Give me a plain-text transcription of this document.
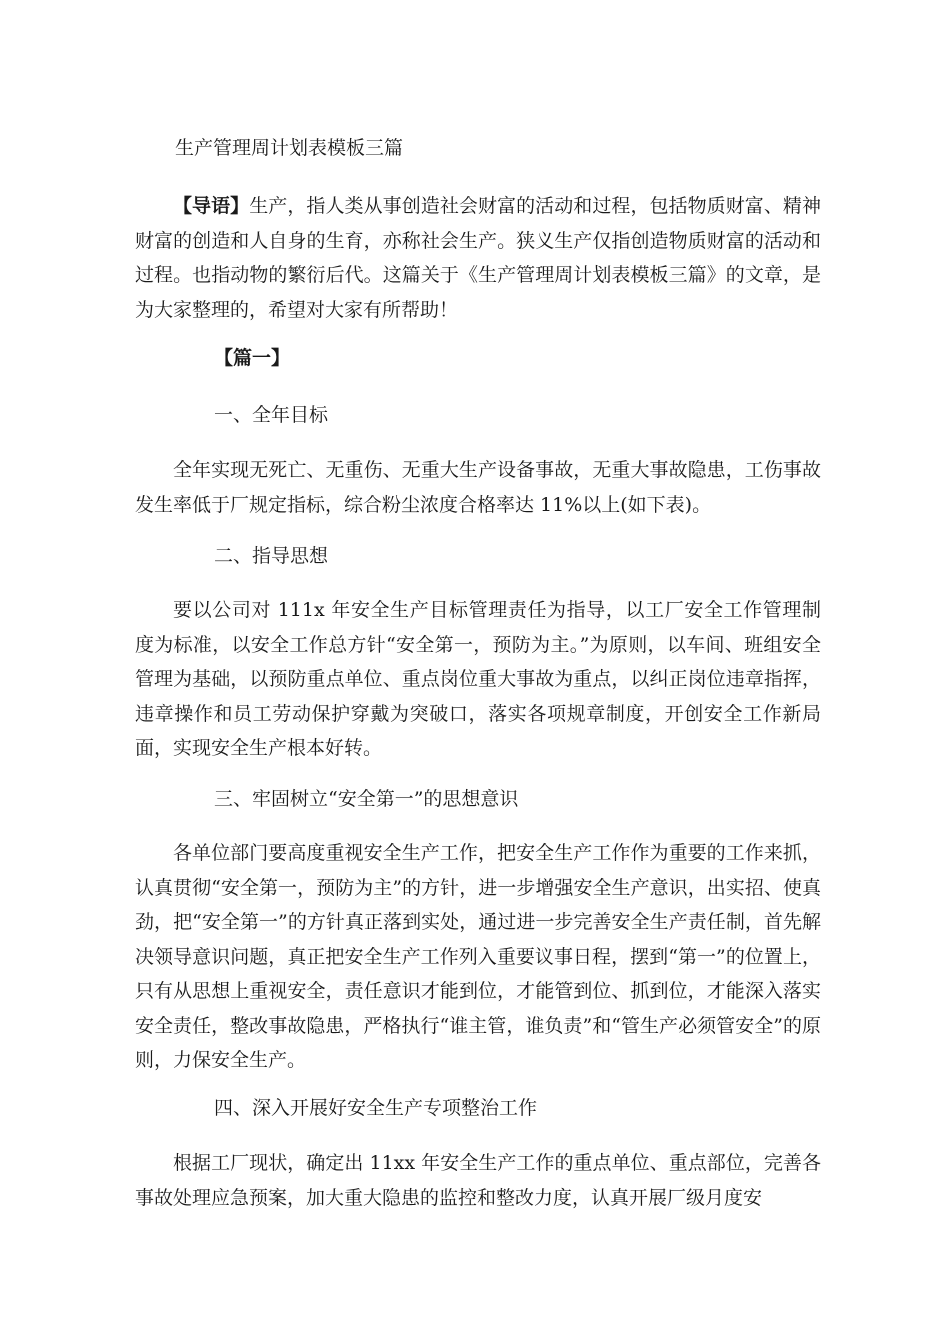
生产管理周计划表模板三篇

【导语】生产，指人类从事创造社会财富的活动和过程，包括物质财富、精神财富的创造和人自身的生育，亦称社会生产。狭义生产仅指创造物质财富的活动和过程。也指动物的繁衍后代。这篇关于《生产管理周计划表模板三篇》的文章，是为大家整理的，希望对大家有所帮助！

【篇一】
一、全年目标

全年实现无死亡、无重伤、无重大生产设备事故，无重大事故隐患，工伤事故发生率低于厂规定指标，综合粉尘浓度合格率达 11%以上(如下表)。

二、指导思想

要以公司对 111x 年安全生产目标管理责任为指导，以工厂安全工作管理制度为标准，以安全工作总方针“安全第一，预防为主。”为原则，以车间、班组安全管理为基础，以预防重点单位、重点岗位重大事故为重点，以纠正岗位违章指挥，违章操作和员工劳动保护穿戴为突破口，落实各项规章制度，开创安全工作新局面，实现安全生产根本好转。

三、牢固树立“安全第一”的思想意识

各单位部门要高度重视安全生产工作，把安全生产工作作为重要的工作来抓，认真贯彻“安全第一，预防为主”的方针，进一步增强安全生产意识，出实招、使真劲，把“安全第一”的方针真正落到实处，通过进一步完善安全生产责任制，首先解决领导意识问题，真正把安全生产工作列入重要议事日程，摆到“第一”的位置上，只有从思想上重视安全，责任意识才能到位，才能管到位、抓到位，才能深入落实安全责任，整改事故隐患，严格执行“谁主管，谁负责”和“管生产必须管安全”的原则，力保安全生产。

四、深入开展好安全生产专项整治工作

根据工厂现状，确定出 11xx 年安全生产工作的重点单位、重点部位，完善各事故处理应急预案，加大重大隐患的监控和整改力度，认真开展厂级月度安
